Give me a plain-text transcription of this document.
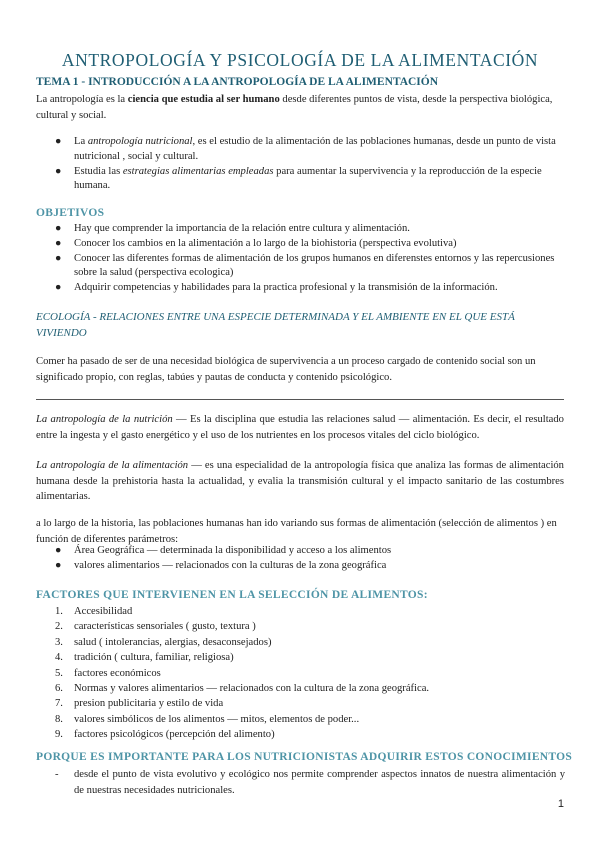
ANTROPOLOGÍA Y PSICOLOGÍA DE LA ALIMENTACIÓN
TEMA 1 - INTRODUCCIÓN A LA ANTROPOLOGÍA DE LA ALIMENTACIÓN

La antropología es la ciencia que estudia al ser humano desde diferentes puntos de vista, desde la perspectiva biológica, cultural y social.

● La antropología nutricional, es el estudio de la alimentación de las poblaciones humanas, desde un punto de vista nutricional , social y cultural.
● Estudia las estrategias alimentarias empleadas para aumentar la supervivencia y la reproducción de la especie humana.
OBJETIVOS
● Hay que comprender la importancia de la relación entre cultura y alimentación.
● Conocer los cambios en la alimentación a lo largo de la biohistoria (perspectiva evolutiva)
● Conocer las diferentes formas de alimentación de los grupos humanos en diferenstes entornos y las repercusiones sobre la salud (perspectiva ecologica)
● Adquirir competencias y habilidades para la practica profesional y la transmisión de la información.

ECOLOGÍA - RELACIONES ENTRE UNA ESPECIE DETERMINADA Y EL AMBIENTE EN EL QUE ESTÁ VIVIENDO

Comer ha pasado de ser de una necesidad biológica de supervivencia a un proceso cargado de contenido social son un significado propio, con reglas, tabúes y pautas de conducta y contenido psicológico.

La antropología de la nutrición — Es la disciplina que estudia las relaciones salud — alimentación. Es decir, el resultado entre la ingesta y el gasto energético y el uso de los nutrientes en los procesos vitales del ciclo biológico.

La antropología de la alimentación — es una especialidad de la antropología física que analiza las formas de alimentación humana desde la prehistoria hasta la actualidad, y evalia la transmisión cultural y el impacto sanitario de las costumbres alimentarias.

a lo largo de la historia, las poblaciones humanas han ido variando sus formas de alimentación (selección de alimentos ) en función de diferentes parámetros:

● Área Geográfica — determinada la disponibilidad y acceso a los alimentos
● valores alimentarios — relacionados con la culturas de la zona geográfica
FACTORES QUE INTERVIENEN EN LA SELECCIÓN DE ALIMENTOS:
1. Accesibilidad
2. características sensoriales ( gusto, textura )
3. salud ( intolerancias, alergias, desaconsejados)
4. tradición ( cultura, familiar, religiosa)
5. factores económicos
6. Normas y valores alimentarios — relacionados con la cultura de la zona geográfica.
7. presion publicitaria y estilo de vida
8. valores simbólicos de los alimentos — mitos, elementos de poder...
9. factores psicológicos (percepción del alimento)
PORQUE ES IMPORTANTE PARA LOS NUTRICIONISTAS ADQUIRIR ESTOS CONOCIMIENTOS
- desde el punto de vista evolutivo y ecológico nos permite comprender aspectos innatos de nuestra alimentación y de nuestras necesidades nutricionales.
1
